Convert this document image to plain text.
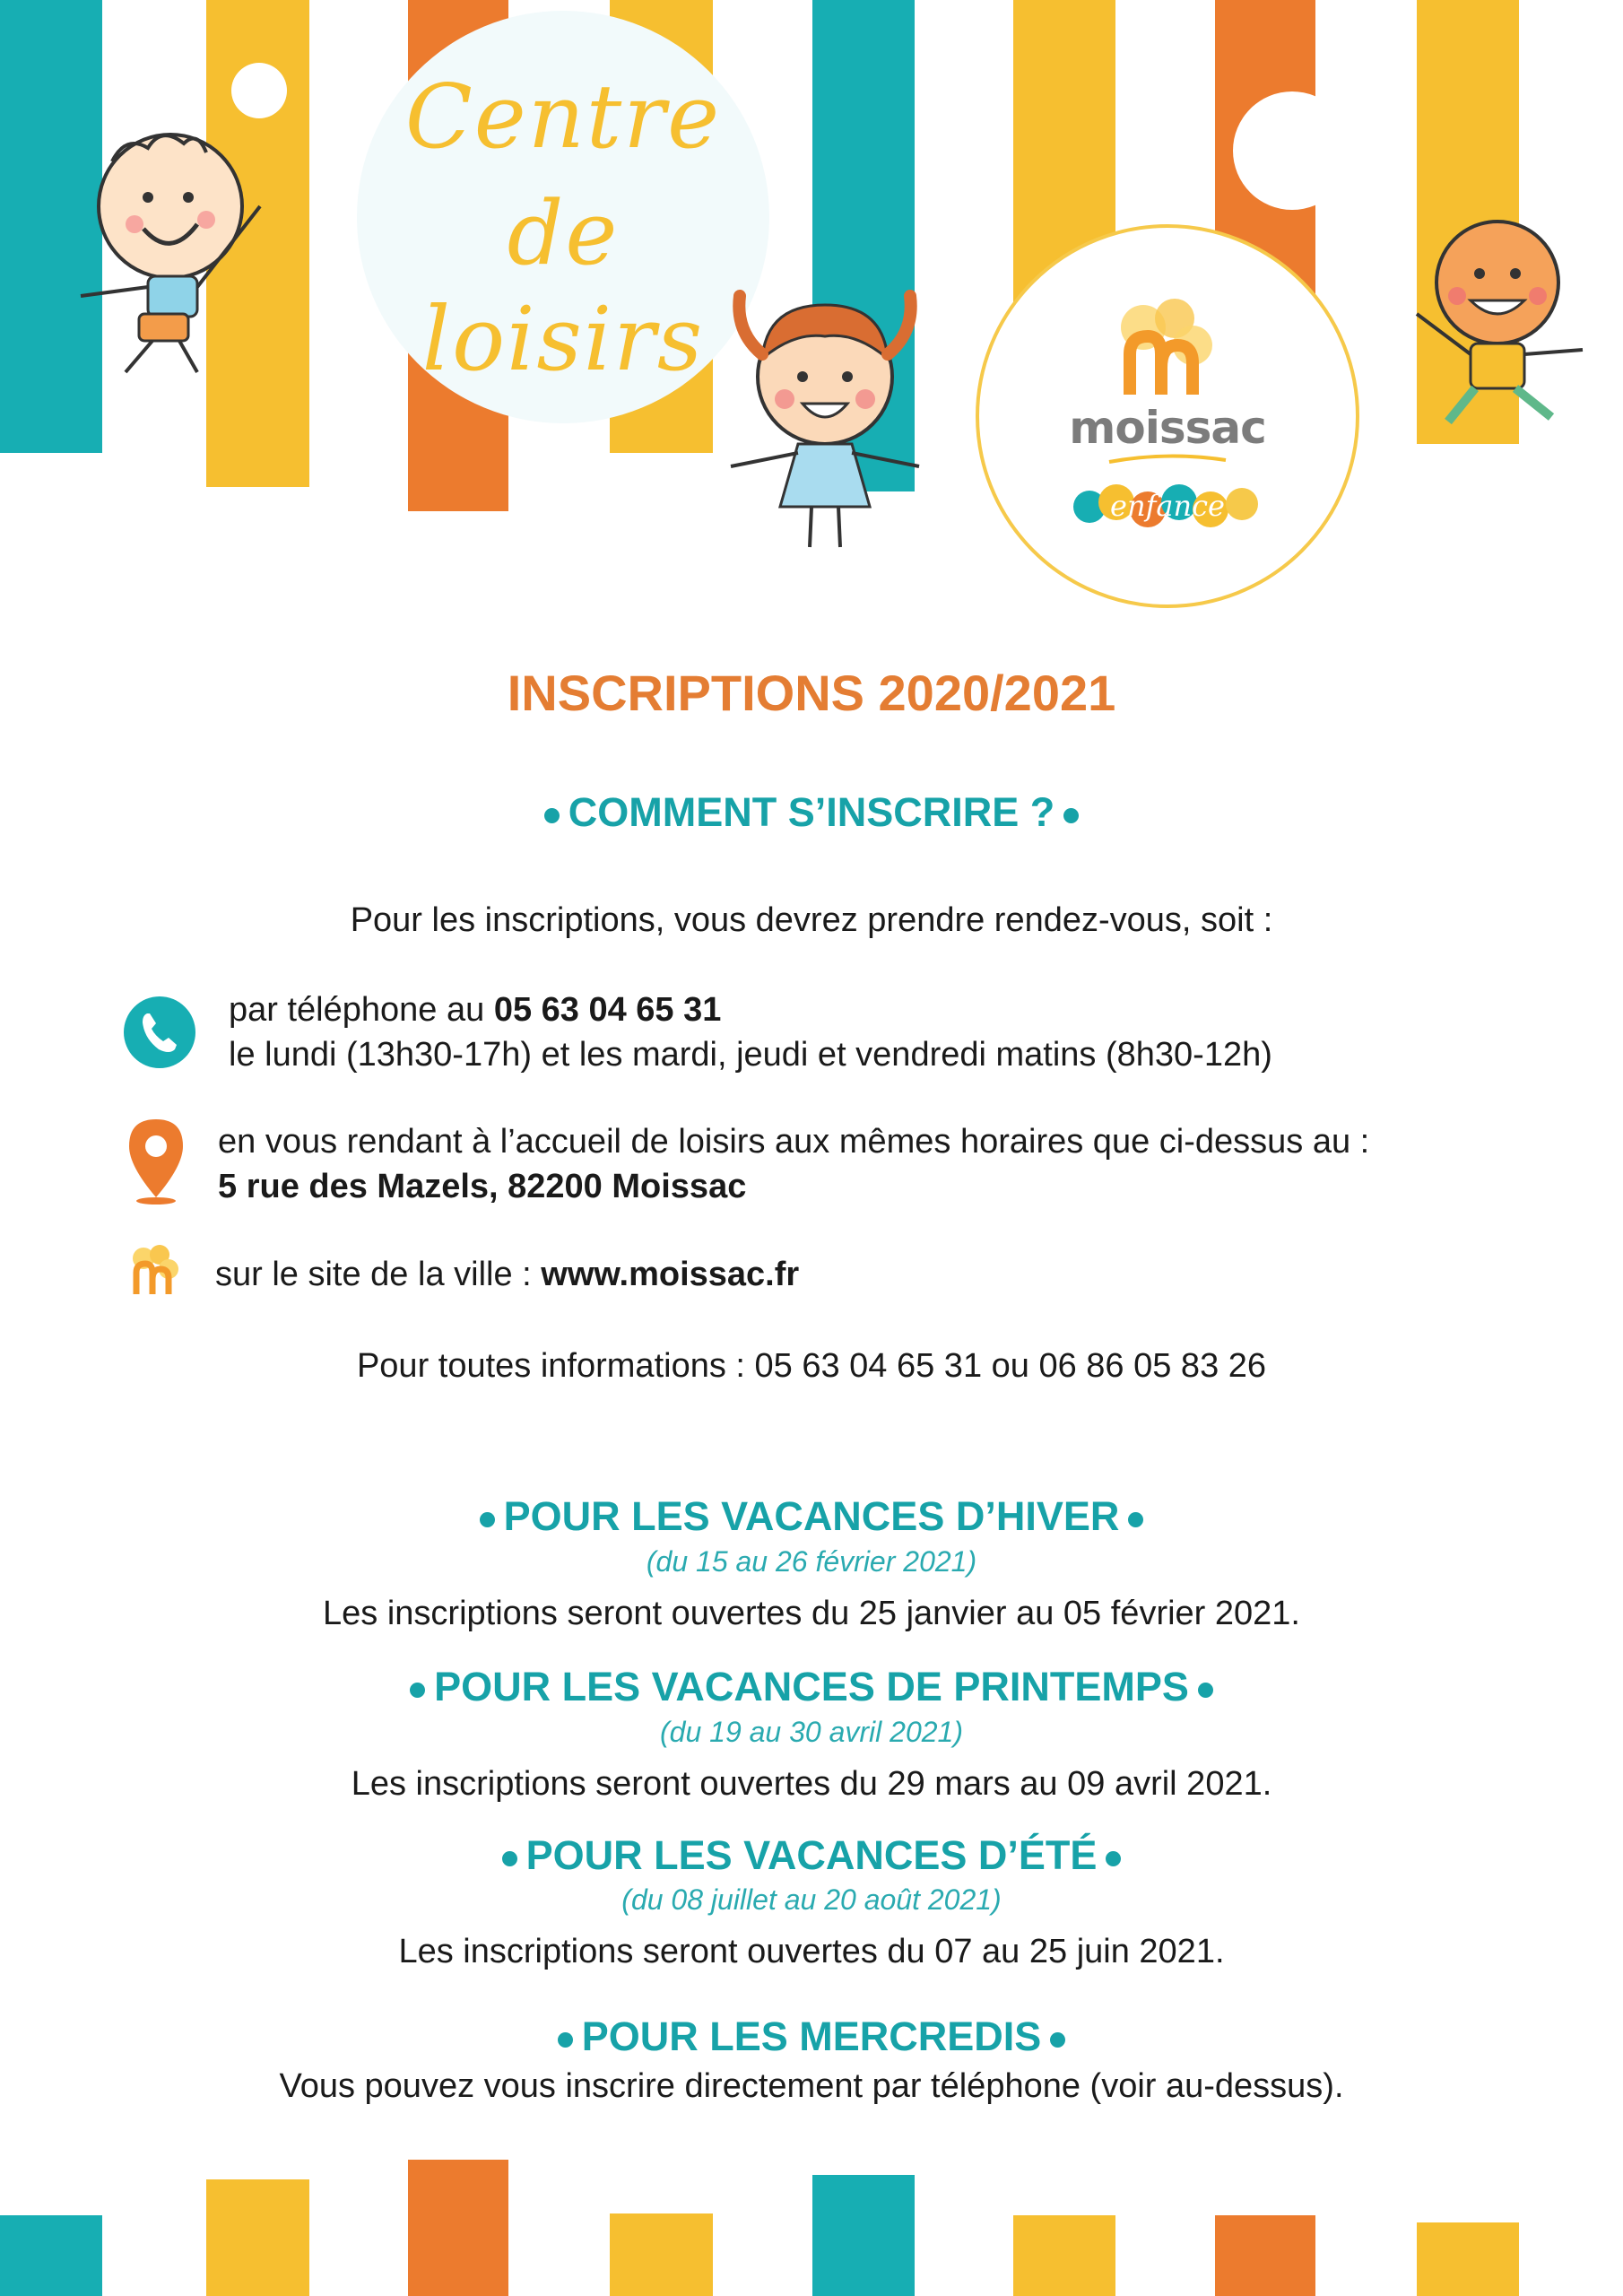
Centre
de
loisirs
moissac
enfance
INSCRIPTIONS 2020/2021
COMMENT S’INSCRIRE ?
Pour les inscriptions, vous devrez prendre rendez-vous, soit :
par téléphone au 05 63 04 65 31
le lundi (13h30-17h) et les mardi, jeudi et vendredi matins (8h30-12h)
en vous rendant à l’accueil de loisirs aux mêmes horaires que ci-dessus au :
5 rue des Mazels, 82200 Moissac
sur le site de la ville : www.moissac.fr
Pour toutes informations : 05 63 04 65 31 ou 06 86 05 83 26
POUR LES VACANCES D’HIVER
(du 15 au 26 février 2021)
Les inscriptions seront ouvertes du 25 janvier au 05 février 2021.
POUR LES VACANCES DE PRINTEMPS
(du 19 au 30 avril 2021)
Les inscriptions seront ouvertes du 29 mars au 09 avril 2021.
POUR LES VACANCES D’ÉTÉ
(du 08 juillet au 20 août 2021)
Les inscriptions seront ouvertes du 07 au 25 juin 2021.
POUR LES MERCREDIS
Vous pouvez vous inscrire directement par téléphone (voir au-dessus).
